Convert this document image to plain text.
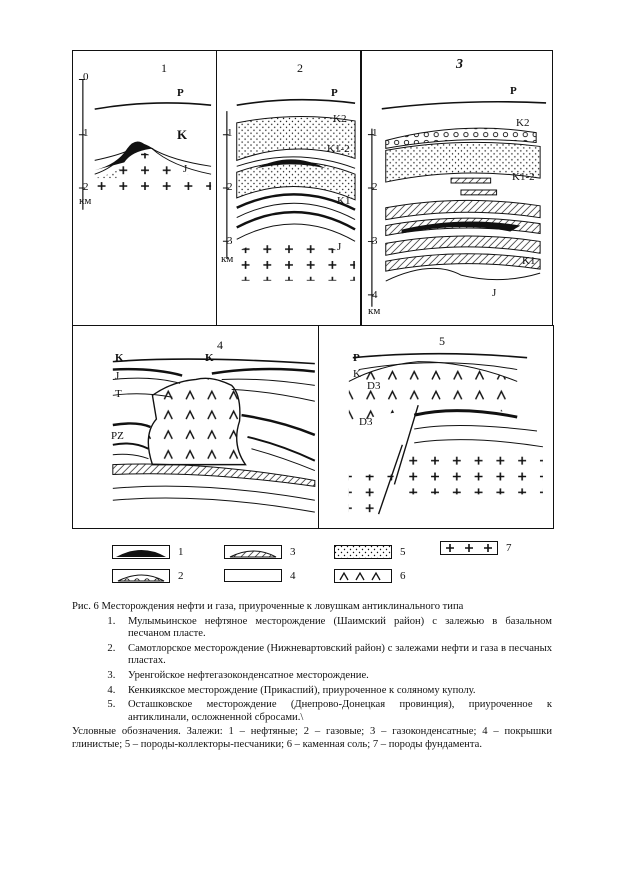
1
0
1
2
км
P
K
J
2
1
2
3
км
P
K2
K1-2
K1
J
3
1
2
3
4
км
P
K2
K1-2
K1
J
4
K	K
J
T
PZ
5
P
K
D3
D3
1
2
3
4
5
6
7

Рис. 6 Месторождения нефти и газа, приуроченные к ловушкам антиклинального типа

1. Мулымьинское нефтяное месторождение (Шаимский район) с залежью в базальном песчаном пласте.
2. Самотлорское месторождение (Нижневартовский район) с залежами нефти и газа в песчаных пластах.
3. Уренгойское нефтегазоконденсатное месторождение.
4. Кенкиякское месторождение (Прикаспий), приуроченное к соляному куполу.
5. Осташковское месторождение (Днепрово-Донецкая провинция), приуроченное к антиклинали, осложненной сбросами.\

Условные обозначения. Залежи: 1 – нефтяные; 2 – газовые; 3 – газоконденсатные; 4 – покрышки глинистые; 5 – породы-коллекторы-песчаники; 6 – каменная соль; 7 – породы фундамента.
